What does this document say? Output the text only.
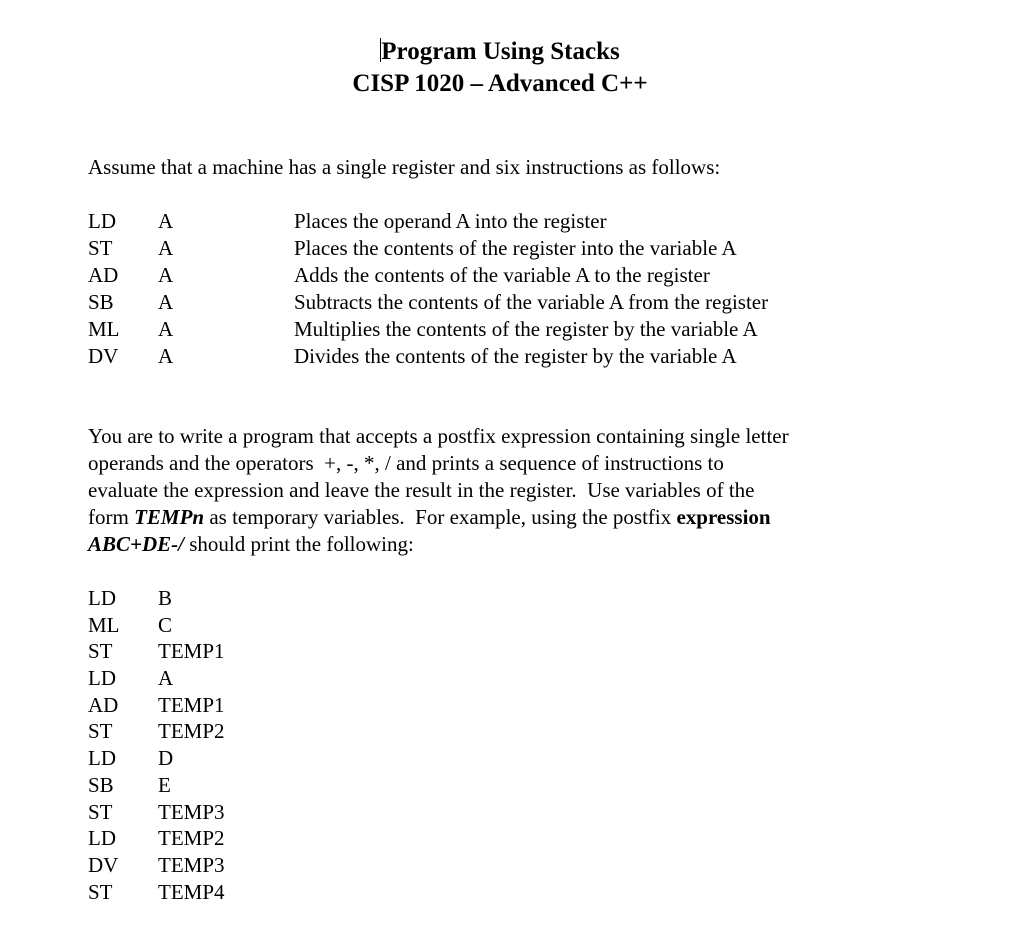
Program Using Stacks
CISP 1020 – Advanced C++
Assume that a machine has a single register and six instructions as follows:
LD	A	Places the operand A into the register
ST	A	Places the contents of the register into the variable A
AD	A	Adds the contents of the variable A to the register
SB	A	Subtracts the contents of the variable A from the register
ML	A	Multiplies the contents of the register by the variable A
DV	A	Divides the contents of the register by the variable A

You are to write a program that accepts a postfix expression containing single letter

operands and the operators  +, -, *, / and prints a sequence of instructions to

evaluate the expression and leave the result in the register.  Use variables of the

form TEMPn as temporary variables.  For example, using the postfix expression

ABC+DE-/ should print the following:

LD	B
ML	C
ST	TEMP1
LD	A
AD	TEMP1
ST	TEMP2
LD	D
SB	E
ST	TEMP3
LD	TEMP2
DV	TEMP3
ST	TEMP4
